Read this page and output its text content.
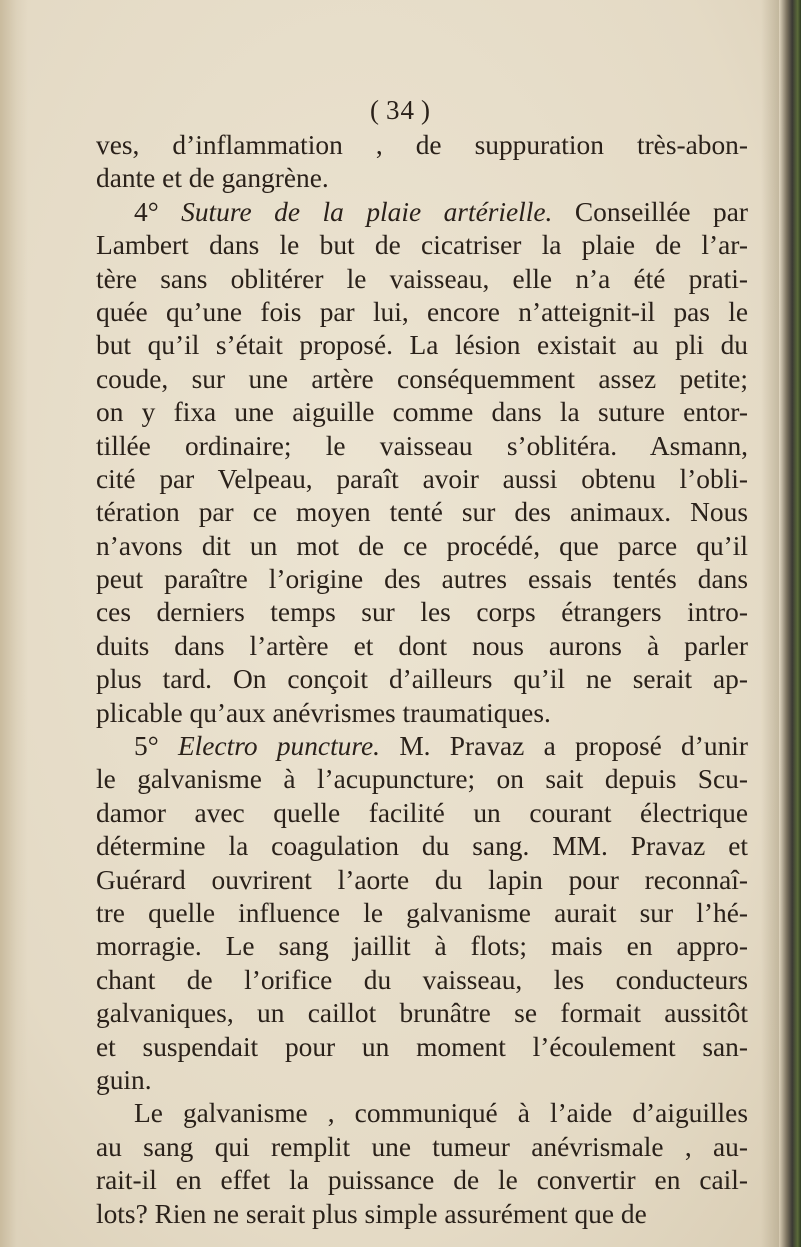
( 34 )
ves, d’inflammation , de suppuration très-abon-
dante et de gangrène.
4° Suture de la plaie artérielle. Conseillée par
Lambert dans le but de cicatriser la plaie de l’ar-
tère sans oblitérer le vaisseau, elle n’a été prati-
quée qu’une fois par lui, encore n’atteignit-il pas le
but qu’il s’était proposé. La lésion existait au pli du
coude, sur une artère conséquemment assez petite;
on y fixa une aiguille comme dans la suture entor-
tillée ordinaire; le vaisseau s’oblitéra. Asmann,
cité par Velpeau, paraît avoir aussi obtenu l’obli-
tération par ce moyen tenté sur des animaux. Nous
n’avons dit un mot de ce procédé, que parce qu’il
peut paraître l’origine des autres essais tentés dans
ces derniers temps sur les corps étrangers intro-
duits dans l’artère et dont nous aurons à parler
plus tard. On conçoit d’ailleurs qu’il ne serait ap-
plicable qu’aux anévrismes traumatiques.
5° Electro puncture. M. Pravaz a proposé d’unir
le galvanisme à l’acupuncture; on sait depuis Scu-
damor avec quelle facilité un courant électrique
détermine la coagulation du sang. MM. Pravaz et
Guérard ouvrirent l’aorte du lapin pour reconnaî-
tre quelle influence le galvanisme aurait sur l’hé-
morragie. Le sang jaillit à flots; mais en appro-
chant de l’orifice du vaisseau, les conducteurs
galvaniques, un caillot brunâtre se formait aussitôt
et suspendait pour un moment l’écoulement san-
guin.
Le galvanisme , communiqué à l’aide d’aiguilles
au sang qui remplit une tumeur anévrismale , au-
rait-il en effet la puissance de le convertir en cail-
lots? Rien ne serait plus simple assurément que de
